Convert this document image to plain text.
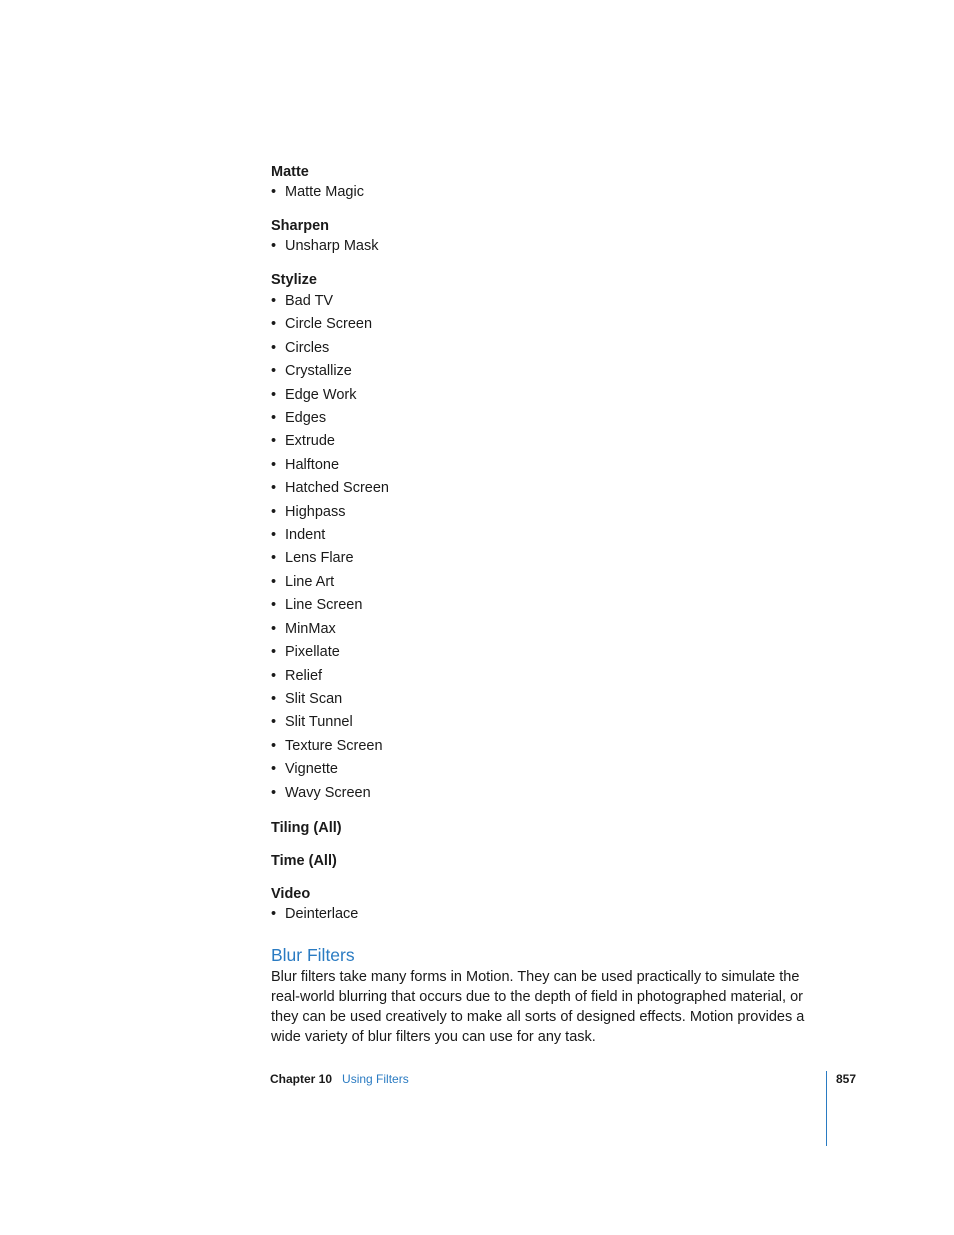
Matte

• Matte Magic

Sharpen

• Unsharp Mask

Stylize

• Bad TV
• Circle Screen
• Circles
• Crystallize
• Edge Work
• Edges
• Extrude
• Halftone
• Hatched Screen
• Highpass
• Indent
• Lens Flare
• Line Art
• Line Screen
• MinMax
• Pixellate
• Relief
• Slit Scan
• Slit Tunnel
• Texture Screen
• Vignette
• Wavy Screen

Tiling (All)

Time (All)

Video

• Deinterlace
Blur Filters

Blur filters take many forms in Motion. They can be used practically to simulate the real-world blurring that occurs due to the depth of field in photographed material, or they can be used creatively to make all sorts of designed effects. Motion provides a wide variety of blur filters you can use for any task.

Chapter 10 Using Filters	857
